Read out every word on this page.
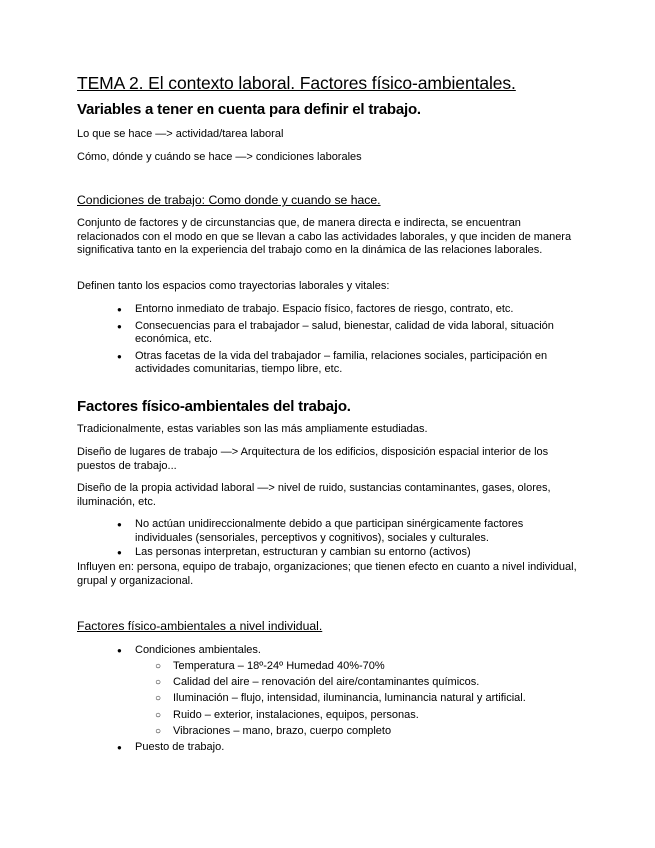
TEMA 2. El contexto laboral. Factores físico-ambientales.
Variables a tener en cuenta para definir el trabajo.
Lo que se hace —> actividad/tarea laboral
Cómo, dónde y cuándo se hace —> condiciones laborales
Condiciones de trabajo: Como donde y cuando se hace.
Conjunto de factores y de circunstancias que, de manera directa e indirecta, se encuentran relacionados con el modo en que se llevan a cabo las actividades laborales, y que inciden de manera significativa tanto en la experiencia del trabajo como en la dinámica de las relaciones laborales.
Definen tanto los espacios como trayectorias laborales y vitales:
● Entorno inmediato de trabajo. Espacio físico, factores de riesgo, contrato, etc.
● Consecuencias para el trabajador – salud, bienestar, calidad de vida laboral, situación económica, etc.
● Otras facetas de la vida del trabajador – familia, relaciones sociales, participación en actividades comunitarias, tiempo libre, etc.
Factores físico-ambientales del trabajo.
Tradicionalmente, estas variables son las más ampliamente estudiadas.
Diseño de lugares de trabajo —> Arquitectura de los edificios, disposición espacial interior de los puestos de trabajo...
Diseño de la propia actividad laboral —> nivel de ruido, sustancias contaminantes, gases, olores, iluminación, etc.
● No actúan unidireccionalmente debido a que participan sinérgicamente factores individuales (sensoriales, perceptivos y cognitivos), sociales y culturales.
● Las personas interpretan, estructuran y cambian su entorno (activos)
Influyen en: persona, equipo de trabajo, organizaciones; que tienen efecto en cuanto a nivel individual, grupal y organizacional.
Factores físico-ambientales a nivel individual.
● Condiciones ambientales.
○ Temperatura – 18º-24º Humedad 40%-70%
○ Calidad del aire – renovación del aire/contaminantes químicos.
○ Iluminación – flujo, intensidad, iluminancia, luminancia natural y artificial.
○ Ruido – exterior, instalaciones, equipos, personas.
○ Vibraciones – mano, brazo, cuerpo completo
● Puesto de trabajo.
